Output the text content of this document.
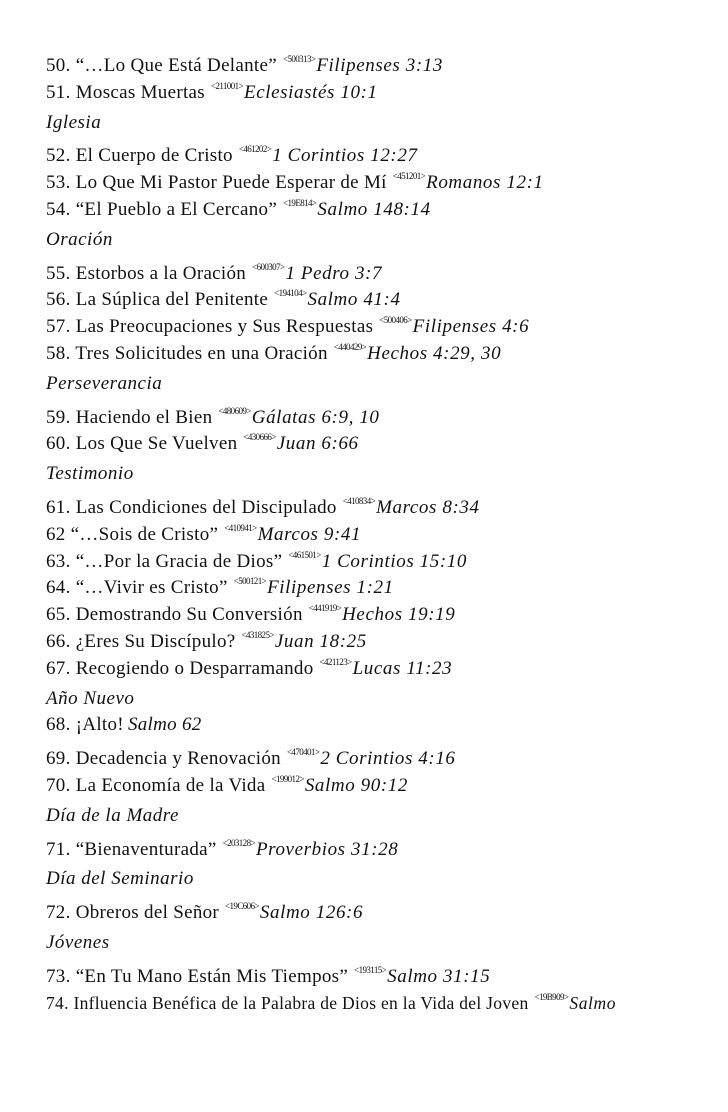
50. “…Lo Que Está Delante” $^{<500313>}$Filipenses 3:13
51. Moscas Muertas $^{<211001>}$Eclesiastés 10:1
Iglesia
52. El Cuerpo de Cristo $^{<461202>}$1 Corintios 12:27
53. Lo Que Mi Pastor Puede Esperar de Mí $^{<451201>}$Romanos 12:1
54. “El Pueblo a El Cercano” $^{<19E814>}$Salmo 148:14
Oración
55. Estorbos a la Oración $^{<600307>}$1 Pedro 3:7
56. La Súplica del Penitente $^{<194104>}$Salmo 41:4
57. Las Preocupaciones y Sus Respuestas $^{<500406>}$Filipenses 4:6
58. Tres Solicitudes en una Oración $^{<440429>}$Hechos 4:29, 30
Perseverancia
59. Haciendo el Bien $^{<480609>}$Gálatas 6:9, 10
60. Los Que Se Vuelven $^{<430666>}$Juan 6:66
Testimonio
61. Las Condiciones del Discipulado $^{<410834>}$Marcos 8:34
62 “…Sois de Cristo” $^{<410941>}$Marcos 9:41
63. “…Por la Gracia de Dios” $^{<461501>}$1 Corintios 15:10
64. “…Vivir es Cristo” $^{<500121>}$Filipenses 1:21
65. Demostrando Su Conversión $^{<441919>}$Hechos 19:19
66. ¿Eres Su Discípulo? $^{<431825>}$Juan 18:25
67. Recogiendo o Desparramando $^{<421123>}$Lucas 11:23
Año Nuevo
68. ¡Alto! Salmo 62
69. Decadencia y Renovación $^{<470401>}$2 Corintios 4:16
70. La Economía de la Vida $^{<199012>}$Salmo 90:12
Día de la Madre
71. “Bienaventurada” $^{<203128>}$Proverbios 31:28
Día del Seminario
72. Obreros del Señor $^{<19C606>}$Salmo 126:6
Jóvenes
73. “En Tu Mano Están Mis Tiempos” $^{<193115>}$Salmo 31:15
74. Influencia Benéfica de la Palabra de Dios en la Vida del Joven $^{<19B909>}$Salmo
